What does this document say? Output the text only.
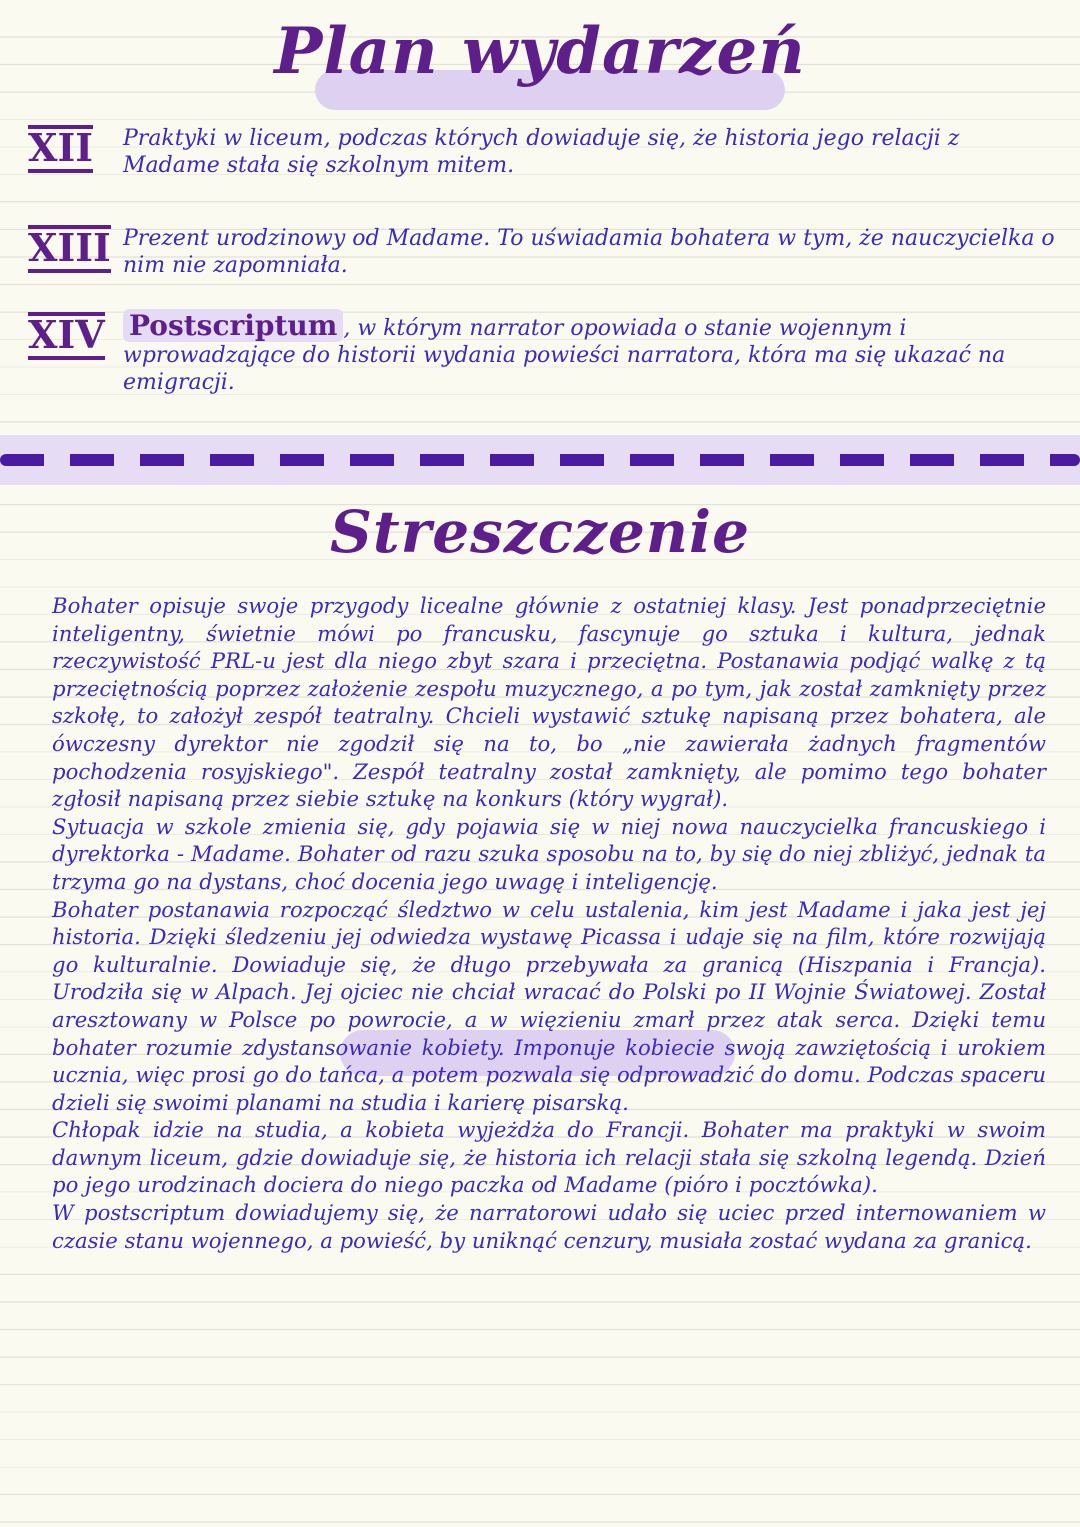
Plan wydarzeń
XII Praktyki w liceum, podczas których dowiaduje się, że historia jego relacji z Madame stała się szkolnym mitem.
XIII Prezent urodzinowy od Madame. To uświadamia bohatera w tym, że nauczycielka o nim nie zapomniała.
XIV Postscriptum , w którym narrator opowiada o stanie wojennym i wprowadzające do historii wydania powieści narratora, która ma się ukazać na emigracji.
Streszczenie

Bohater opisuje swoje przygody licealne głównie z ostatniej klasy. Jest ponadprzeciętnie inteligentny, świetnie mówi po francusku, fascynuje go sztuka i kultura, jednak rzeczywistość PRL-u jest dla niego zbyt szara i przeciętna. Postanawia podjąć walkę z tą przeciętnością poprzez założenie zespołu muzycznego, a po tym, jak został zamknięty przez szkołę, to założył zespół teatralny. Chcieli wystawić sztukę napisaną przez bohatera, ale ówczesny dyrektor nie zgodził się na to, bo „nie zawierała żadnych fragmentów pochodzenia rosyjskiego". Zespół teatralny został zamknięty, ale pomimo tego bohater zgłosił napisaną przez siebie sztukę na konkurs (który wygrał).

Sytuacja w szkole zmienia się, gdy pojawia się w niej nowa nauczycielka francuskiego i dyrektorka - Madame. Bohater od razu szuka sposobu na to, by się do niej zbliżyć, jednak ta trzyma go na dystans, choć docenia jego uwagę i inteligencję.

Bohater postanawia rozpocząć śledztwo w celu ustalenia, kim jest Madame i jaka jest jej historia. Dzięki śledzeniu jej odwiedza wystawę Picassa i udaje się na film, które rozwijają go kulturalnie. Dowiaduje się, że długo przebywała za granicą (Hiszpania i Francja). Urodziła się w Alpach. Jej ojciec nie chciał wracać do Polski po II Wojnie Światowej. Został aresztowany w Polsce po powrocie, a w więzieniu zmarł przez atak serca. Dzięki temu bohater rozumie zdystansowanie kobiety. Imponuje kobiecie swoją zawziętością i urokiem ucznia, więc prosi go do tańca, a potem pozwala się odprowadzić do domu. Podczas spaceru dzieli się swoimi planami na studia i karierę pisarską.

Chłopak idzie na studia, a kobieta wyjeżdża do Francji. Bohater ma praktyki w swoim dawnym liceum, gdzie dowiaduje się, że historia ich relacji stała się szkolną legendą. Dzień po jego urodzinach dociera do niego paczka od Madame (pióro i pocztówka).

W postscriptum dowiadujemy się, że narratorowi udało się uciec przed internowaniem w czasie stanu wojennego, a powieść, by uniknąć cenzury, musiała zostać wydana za granicą.
